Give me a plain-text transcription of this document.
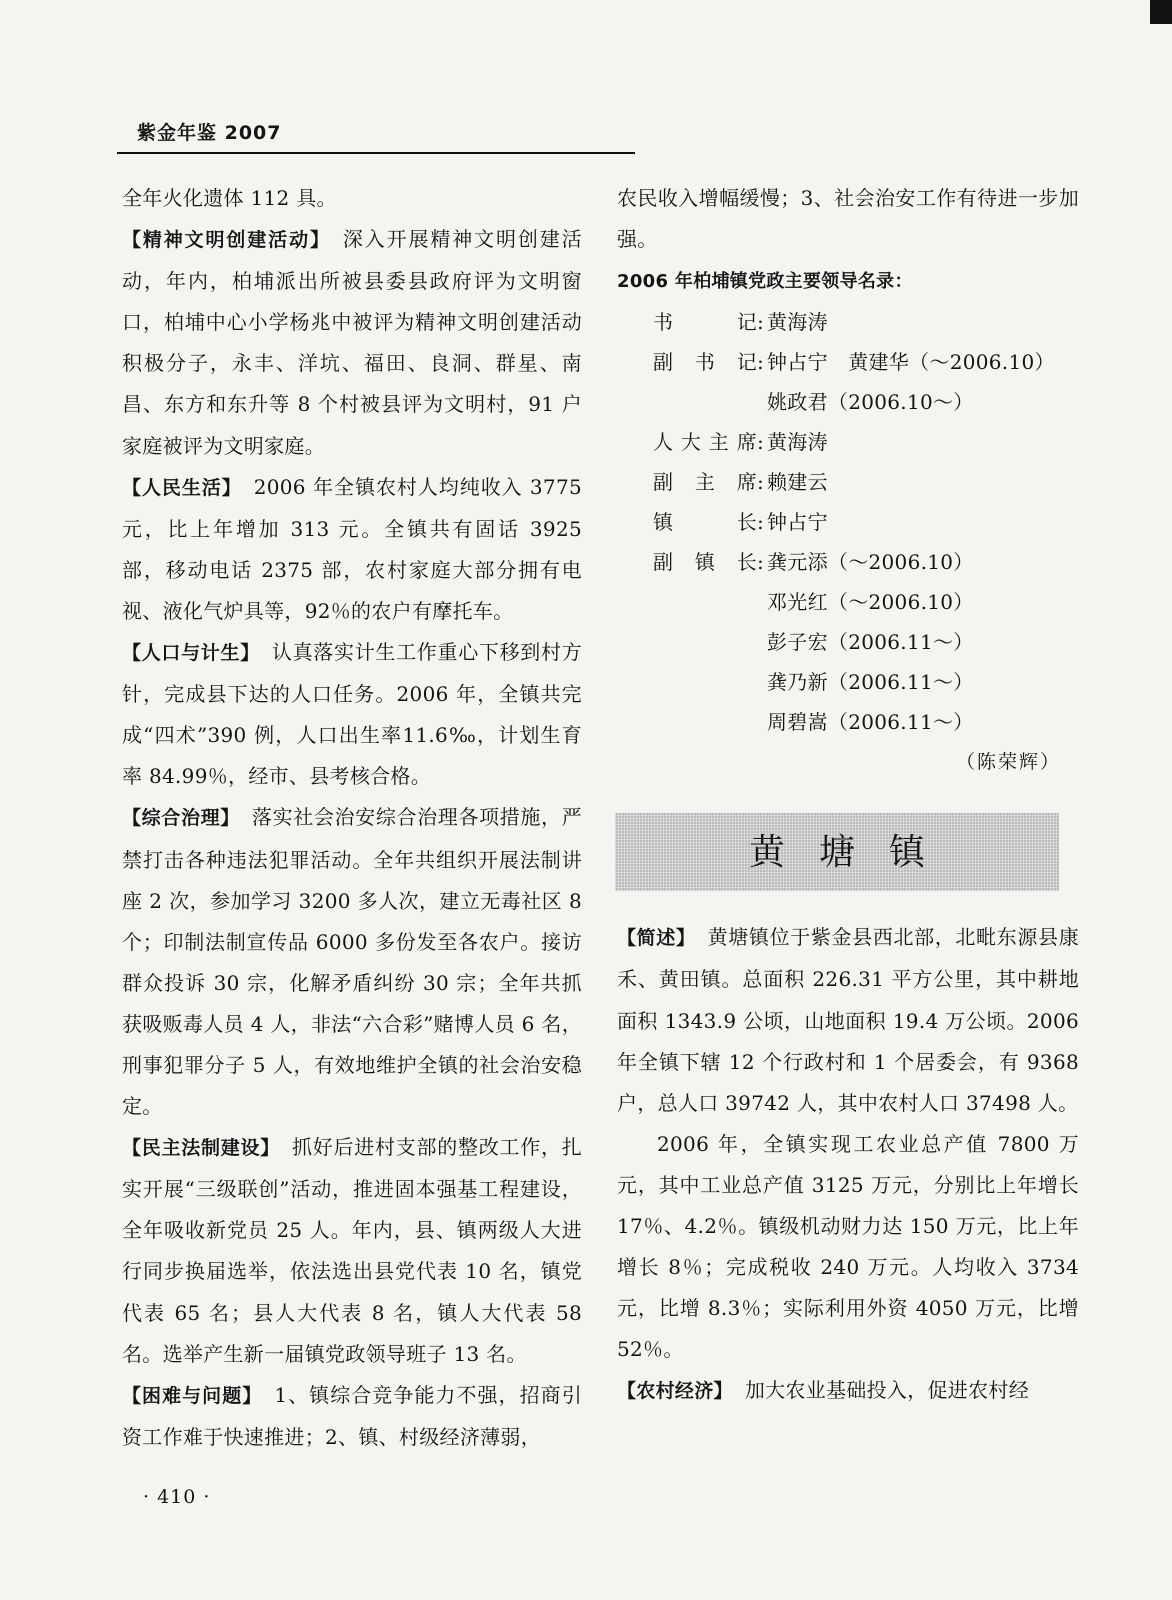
紫金年鉴 2007

全年火化遗体 112 具。

【精神文明创建活动】 深入开展精神文明创建活动，年内，柏埔派出所被县委县政府评为文明窗口，柏埔中心小学杨兆中被评为精神文明创建活动积极分子，永丰、洋坑、福田、良洞、群星、南昌、东方和东升等 8 个村被县评为文明村，91 户家庭被评为文明家庭。

【人民生活】 2006 年全镇农村人均纯收入 3775 元，比上年增加 313 元。全镇共有固话 3925 部，移动电话 2375 部，农村家庭大部分拥有电视、液化气炉具等，92％的农户有摩托车。

【人口与计生】 认真落实计生工作重心下移到村方针，完成县下达的人口任务。2006 年，全镇共完成“四术”390 例，人口出生率11.6‰，计划生育率 84.99％，经市、县考核合格。

【综合治理】 落实社会治安综合治理各项措施，严禁打击各种违法犯罪活动。全年共组织开展法制讲座 2 次，参加学习 3200 多人次，建立无毒社区 8 个；印制法制宣传品 6000 多份发至各农户。接访群众投诉 30 宗，化解矛盾纠纷 30 宗；全年共抓获吸贩毒人员 4 人，非法“六合彩”赌博人员 6 名，刑事犯罪分子 5 人，有效地维护全镇的社会治安稳定。

【民主法制建设】 抓好后进村支部的整改工作，扎实开展“三级联创”活动，推进固本强基工程建设，全年吸收新党员 25 人。年内，县、镇两级人大进行同步换届选举，依法选出县党代表 10 名，镇党代表 65 名；县人大代表 8 名，镇人大代表 58 名。选举产生新一届镇党政领导班子 13 名。

【困难与问题】 1、镇综合竞争能力不强，招商引资工作难于快速推进；2、镇、村级经济薄弱，

农民收入增幅缓慢；3、社会治安工作有待进一步加强。

2006 年柏埔镇党政主要领导名录：

书记 : 黄海涛
副书记 : 钟占宁　黄建华（～2006.10）
姚政君（2006.10～）
人大主席 : 黄海涛
副主席 : 赖建云
镇长 : 钟占宁
副镇长 : 龚元添（～2006.10）
邓光红（～2006.10）
彭子宏（2006.11～）
龚乃新（2006.11～）
周碧嵩（2006.11～）
（陈荣辉）
黄塘镇

【简述】 黄塘镇位于紫金县西北部，北毗东源县康禾、黄田镇。总面积 226.31 平方公里，其中耕地面积 1343.9 公顷，山地面积 19.4 万公顷。2006 年全镇下辖 12 个行政村和 1 个居委会，有 9368 户，总人口 39742 人，其中农村人口 37498 人。

2006 年，全镇实现工农业总产值 7800 万元，其中工业总产值 3125 万元，分别比上年增长 17％、4.2％。镇级机动财力达 150 万元，比上年增长 8％；完成税收 240 万元。人均收入 3734 元，比增 8.3％；实际利用外资 4050 万元，比增 52％。

【农村经济】 加大农业基础投入，促进农村经

· 410 ·
